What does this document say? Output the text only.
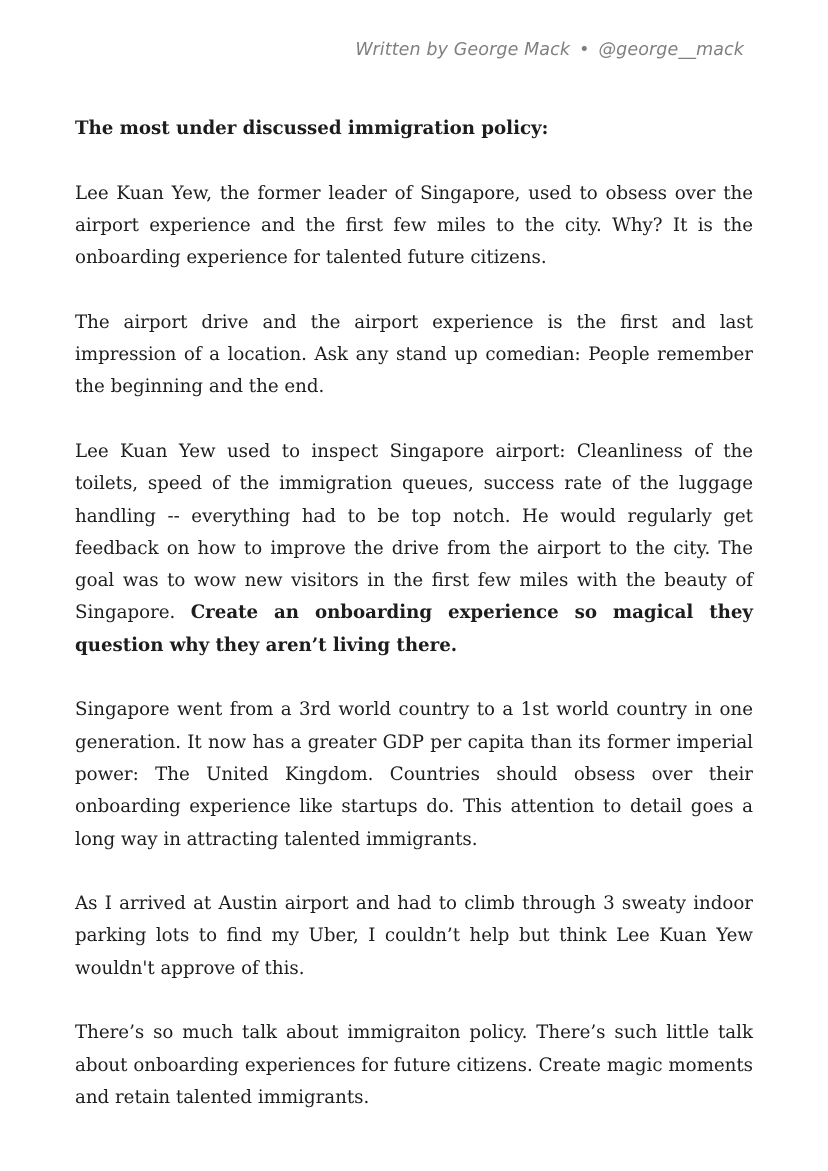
Written by George Mack • @george__mack
The most under discussed immigration policy:

Lee Kuan Yew, the former leader of Singapore, used to obsess over the airport experience and the first few miles to the city. Why? It is the onboarding experience for talented future citizens.

The airport drive and the airport experience is the first and last impression of a location. Ask any stand up comedian: People remember the beginning and the end.

Lee Kuan Yew used to inspect Singapore airport: Cleanliness of the toilets, speed of the immigration queues, success rate of the luggage handling -- everything had to be top notch. He would regularly get feedback on how to improve the drive from the airport to the city. The goal was to wow new visitors in the first few miles with the beauty of Singapore. Create an onboarding experience so magical they question why they aren’t living there.

Singapore went from a 3rd world country to a 1st world country in one generation. It now has a greater GDP per capita than its former imperial power: The United Kingdom. Countries should obsess over their onboarding experience like startups do. This attention to detail goes a long way in attracting talented immigrants.

As I arrived at Austin airport and had to climb through 3 sweaty indoor parking lots to find my Uber, I couldn’t help but think Lee Kuan Yew wouldn't approve of this.

There’s so much talk about immigraiton policy. There’s such little talk about onboarding experiences for future citizens. Create magic moments and retain talented immigrants.
